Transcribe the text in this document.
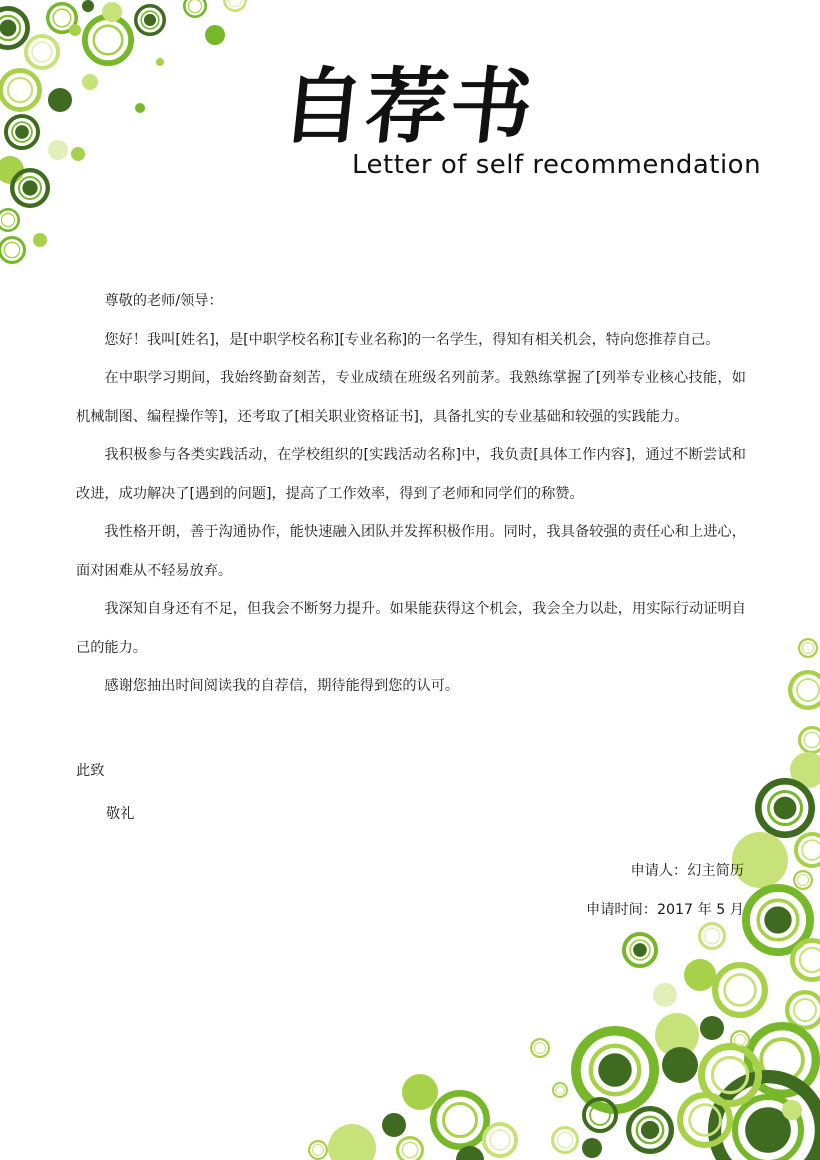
自荐书
Letter of self recommendation

尊敬的老师/领导：

您好！我叫[姓名]，是[中职学校名称][专业名称]的一名学生，得知有相关机会，特向您推荐自己。

在中职学习期间，我始终勤奋刻苦，专业成绩在班级名列前茅。我熟练掌握了[列举专业核心技能，如机械制图、编程操作等]，还考取了[相关职业资格证书]，具备扎实的专业基础和较强的实践能力。

我积极参与各类实践活动，在学校组织的[实践活动名称]中，我负责[具体工作内容]，通过不断尝试和改进，成功解决了[遇到的问题]，提高了工作效率，得到了老师和同学们的称赞。

我性格开朗，善于沟通协作，能快速融入团队并发挥积极作用。同时，我具备较强的责任心和上进心，面对困难从不轻易放弃。

我深知自身还有不足，但我会不断努力提升。如果能获得这个机会，我会全力以赴，用实际行动证明自己的能力。

感谢您抽出时间阅读我的自荐信，期待能得到您的认可。

此致
敬礼
申请人：幻主简历
申请时间：2017 年 5 月
